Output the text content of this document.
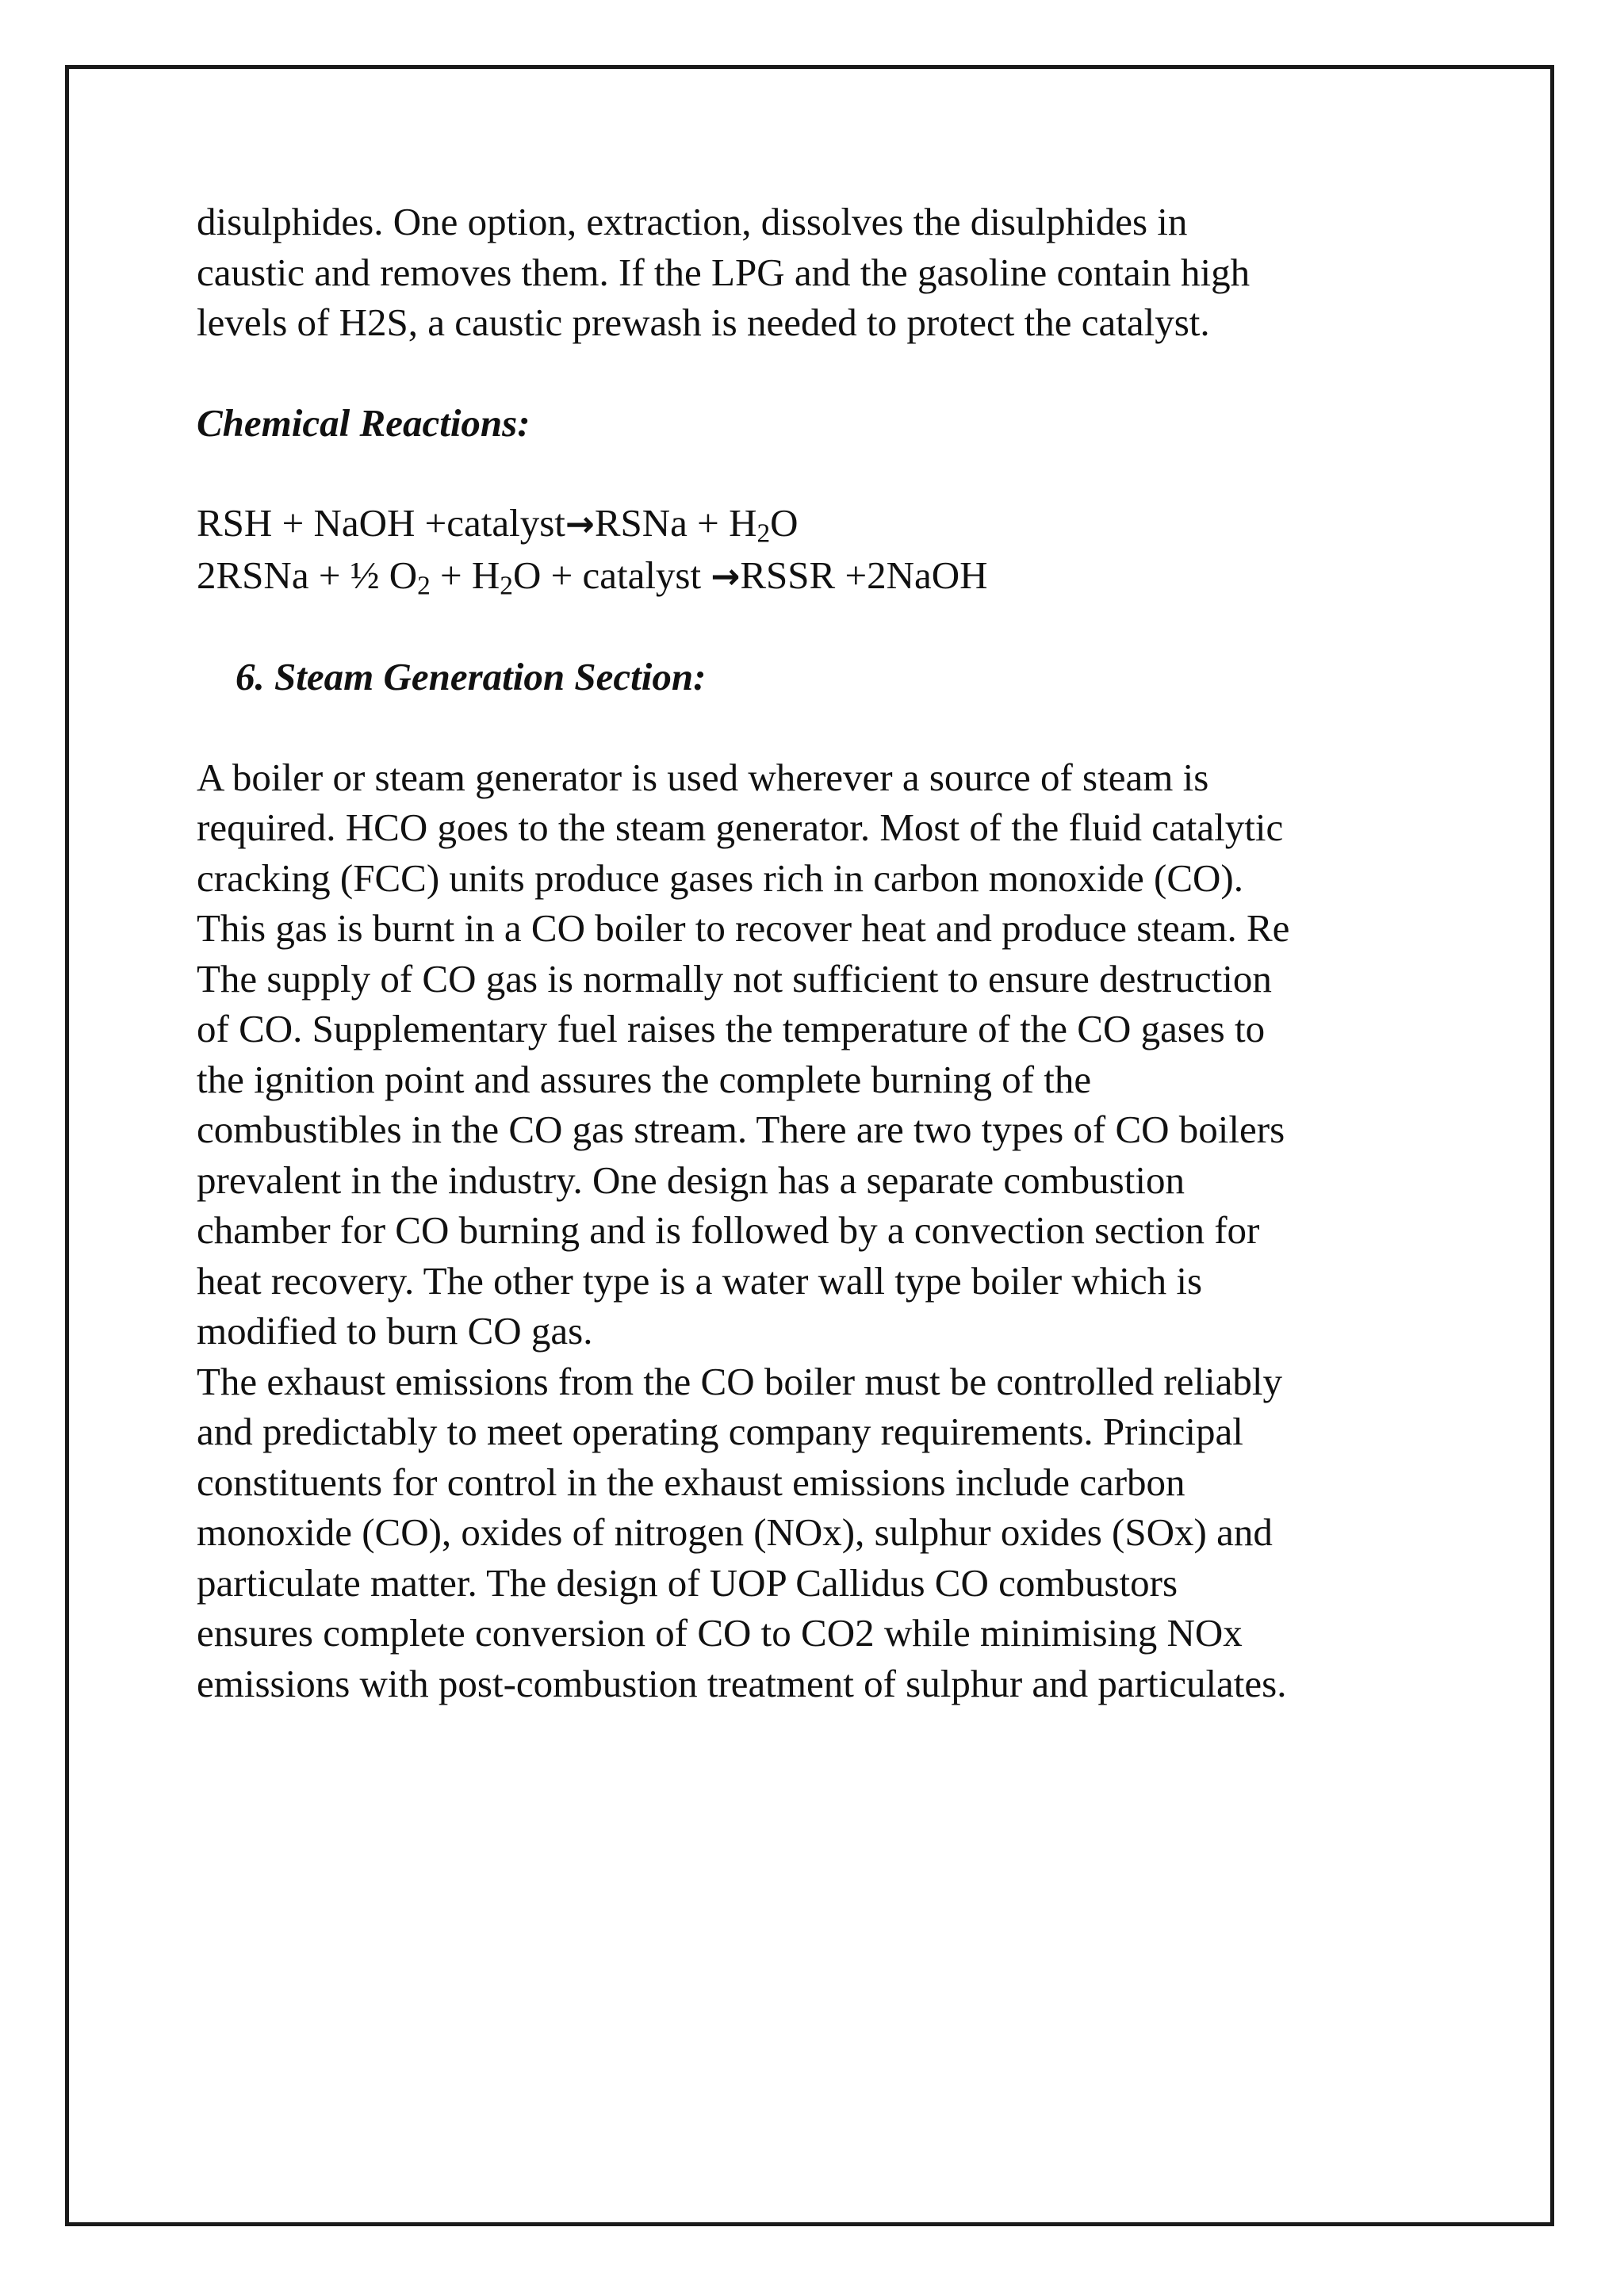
disulphides. One option, extraction, dissolves the disulphides in
caustic and removes them. If the LPG and the gasoline contain high
levels of H2S, a caustic prewash is needed to protect the catalyst.
Chemical Reactions:
RSH + NaOH +catalyst→RSNa + $H_2O$
2RSNa + ½ $O_2 + H_2O$ + catalyst →RSSR +2NaOH
6. Steam Generation Section:
A boiler or steam generator is used wherever a source of steam is
required. HCO goes to the steam generator. Most of the fluid catalytic
cracking (FCC) units produce gases rich in carbon monoxide (CO).
This gas is burnt in a CO boiler to recover heat and produce steam. Re
The supply of CO gas is normally not sufficient to ensure destruction
of CO. Supplementary fuel raises the temperature of the CO gases to
the ignition point and assures the complete burning of the
combustibles in the CO gas stream. There are two types of CO boilers
prevalent in the industry. One design has a separate combustion
chamber for CO burning and is followed by a convection section for
heat recovery. The other type is a water wall type boiler which is
modified to burn CO gas.
The exhaust emissions from the CO boiler must be controlled reliably
and predictably to meet operating company requirements. Principal
constituents for control in the exhaust emissions include carbon
monoxide (CO), oxides of nitrogen (NOx), sulphur oxides (SOx) and
particulate matter. The design of UOP Callidus CO combustors
ensures complete conversion of CO to CO2 while minimising NOx
emissions with post-combustion treatment of sulphur and particulates.
